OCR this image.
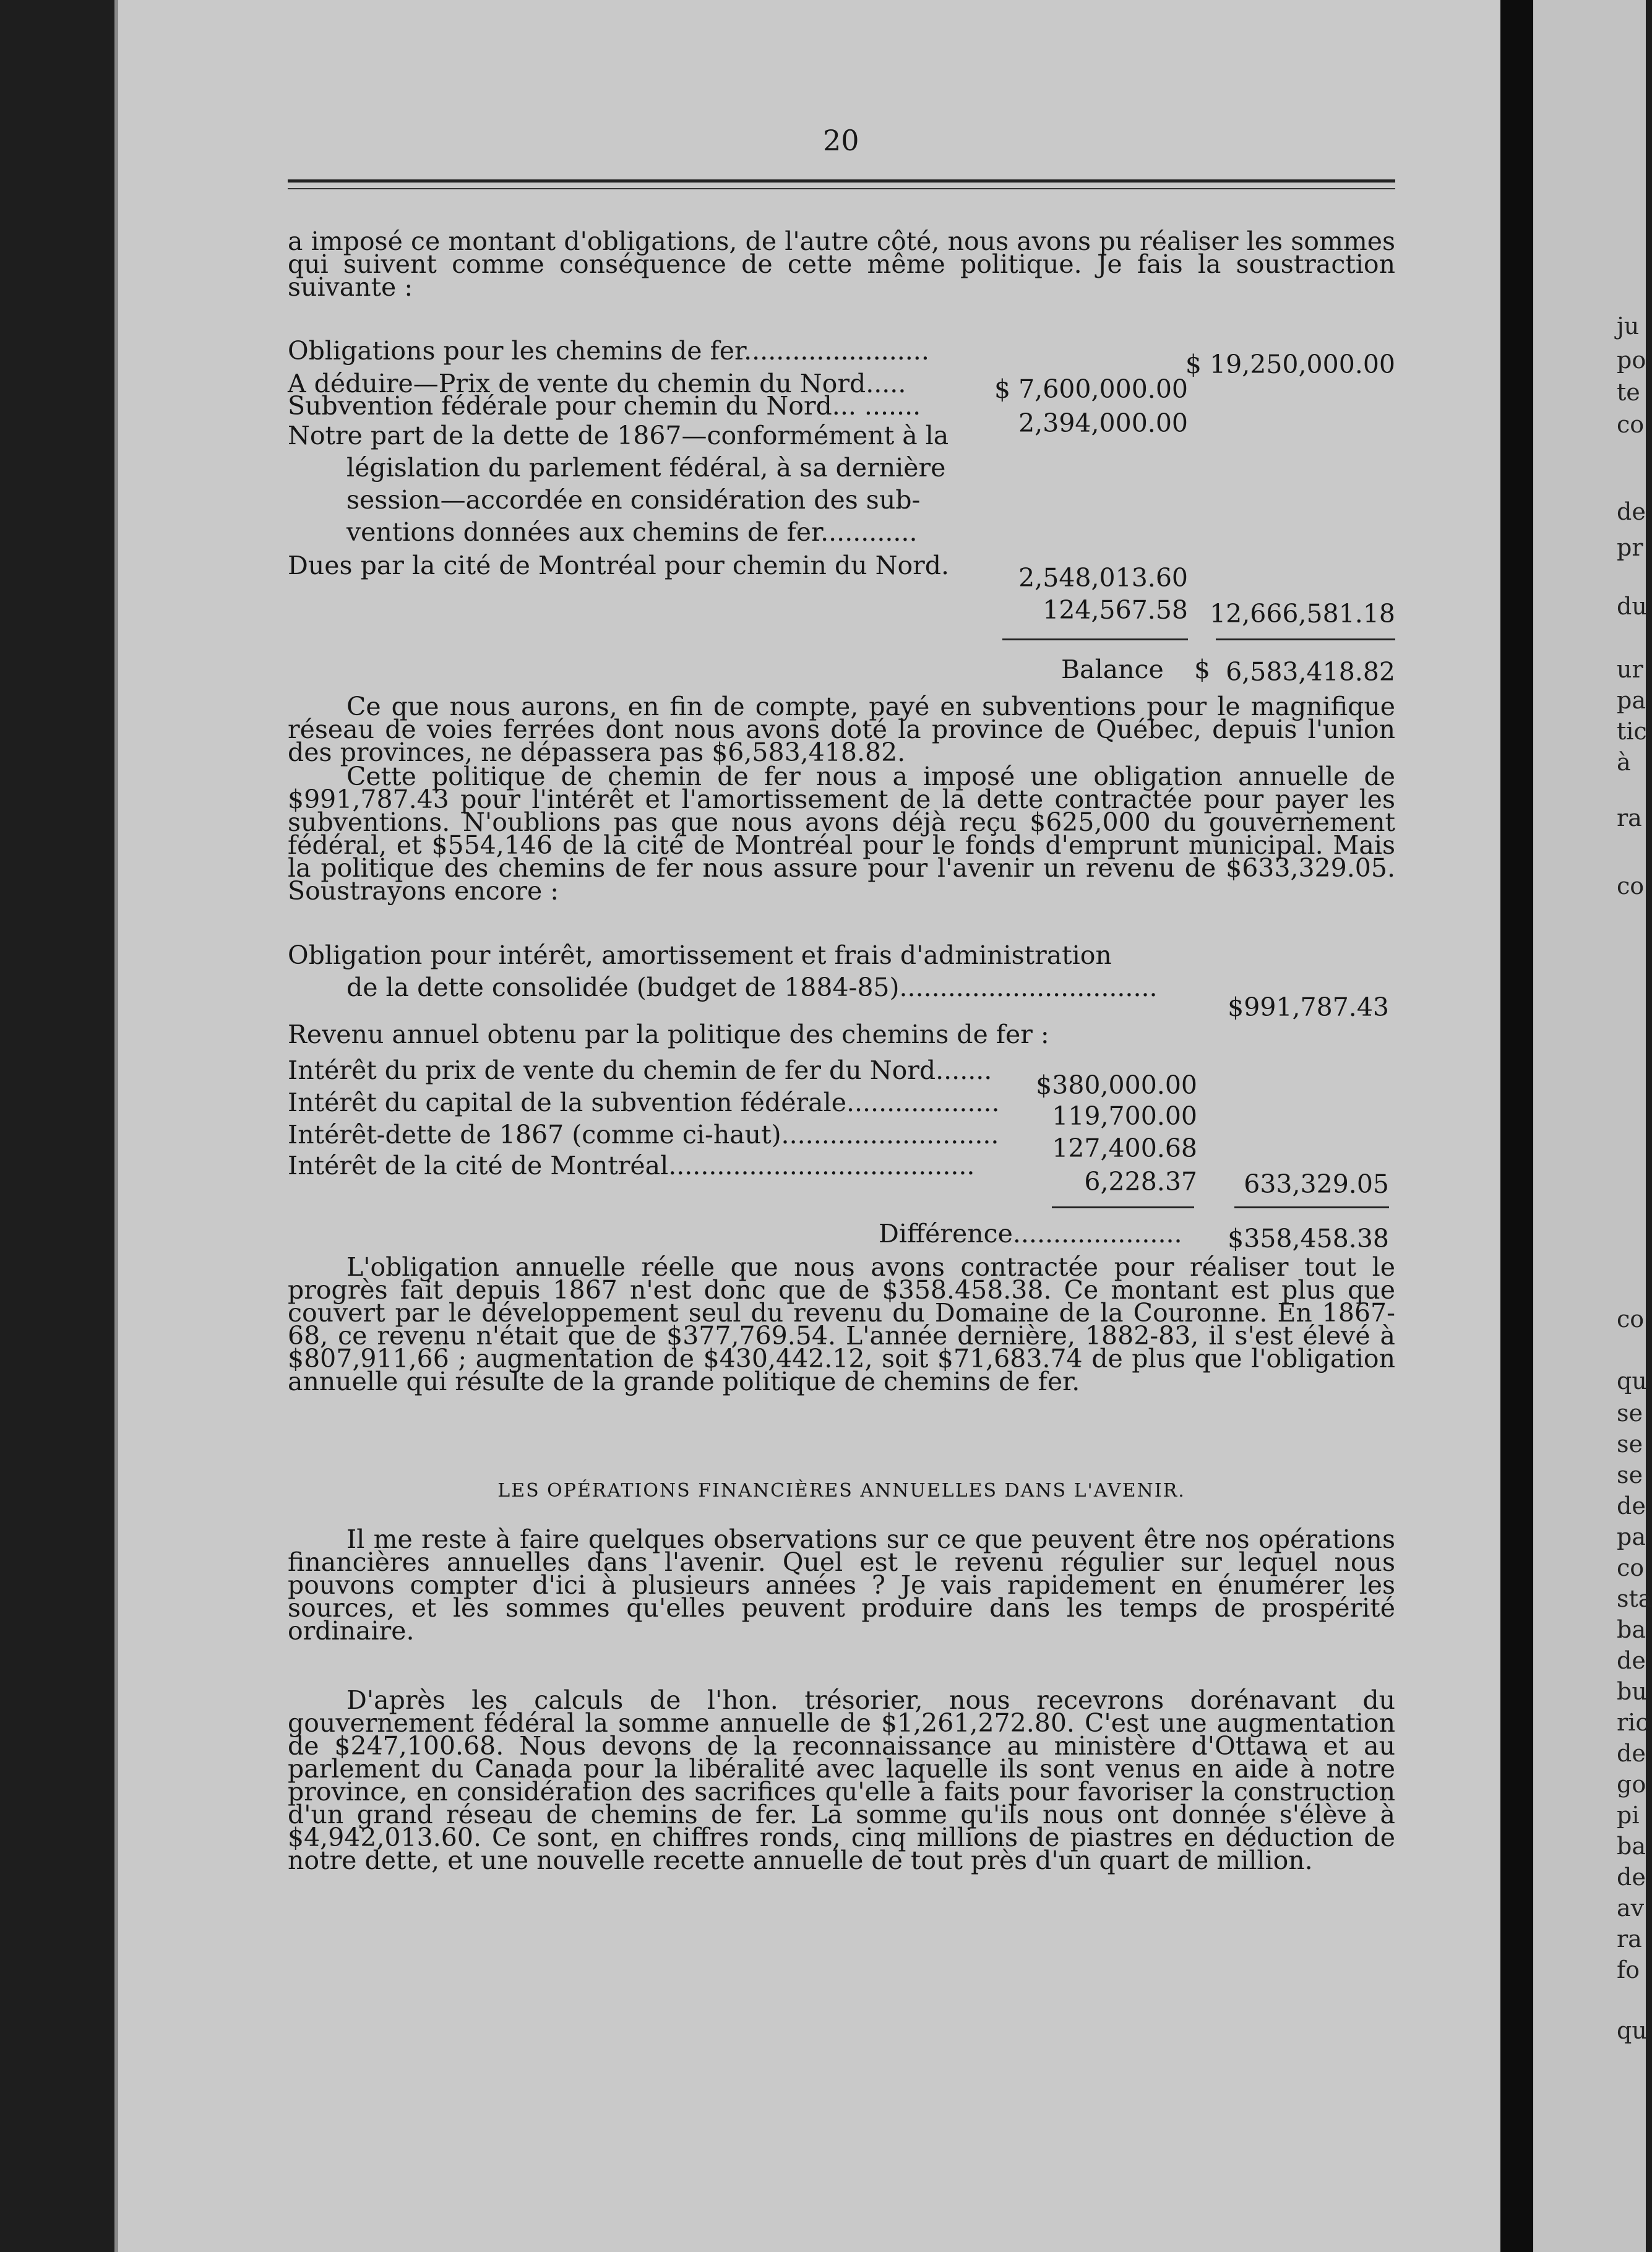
ju
po
te
co
de
pr
du
ur
pa
tic
à
ra
co
co
qu
se
se
se
de
pa
co
sta
ba
de
bu
ric
de
go
pi
ba
de
av
ra
fo
qu
20
a imposé ce montant d'obligations, de l'autre côté, nous avons pu réaliser les sommes qui suivent comme conséquence de cette même politique. Je fais la soustraction suivante :
Obligations pour les chemins de fer.......................	$ 19,250,000.00
A déduire—Prix de vente du chemin du Nord.....	$ 7,600,000.00
Subvention fédérale pour chemin du Nord... .......
2,394,000.00
Notre part de la dette de 1867—conformément à la
législation du parlement fédéral, à sa dernière
session—accordée en considération des sub-
ventions données aux chemins de fer............
2,548,013.60
Dues par la cité de Montréal pour chemin du Nord.
124,567.58 12,666,581.18
Balance $ 6,583,418.82
Ce que nous aurons, en fin de compte, payé en subventions pour le magnifique réseau de voies ferrées dont nous avons doté la province de Québec, depuis l'union des provinces, ne dépassera pas $6,583,418.82.
Cette politique de chemin de fer nous a imposé une obligation annuelle de $991,787.43 pour l'intérêt et l'amortissement de la dette contractée pour payer les subventions. N'oublions pas que nous avons déjà reçu $625,000 du gouvernement fédéral, et $554,146 de la cité de Montréal pour le fonds d'emprunt municipal. Mais la politique des chemins de fer nous assure pour l'avenir un revenu de $633,329.05. Soustrayons encore :
Obligation pour intérêt, amortissement et frais d'administration
de la dette consolidée (budget de 1884-85)................................
$991,787.43
Revenu annuel obtenu par la politique des chemins de fer :
Intérêt du prix de vente du chemin de fer du Nord....... $380,000.00
Intérêt du capital de la subvention fédérale................... 119,700.00
Intérêt-dette de 1867 (comme ci-haut)........................... 127,400.68
Intérêt de la cité de Montréal......................................
6,228.37 633,329.05
Différence..................... $358,458.38
L'obligation annuelle réelle que nous avons contractée pour réaliser tout le progrès fait depuis 1867 n'est donc que de $358.458.38. Ce montant est plus que couvert par le développement seul du revenu du Domaine de la Couronne. En 1867-68, ce revenu n'était que de $377,769.54. L'année dernière, 1882-83, il s'est élevé à $807,911,66 ; augmentation de $430,442.12, soit $71,683.74 de plus que l'obligation annuelle qui résulte de la grande politique de chemins de fer.
LES OPÉRATIONS FINANCIÈRES ANNUELLES DANS L'AVENIR.
Il me reste à faire quelques observations sur ce que peuvent être nos opérations financières annuelles dans l'avenir. Quel est le revenu régulier sur lequel nous pouvons compter d'ici à plusieurs années ? Je vais rapidement en énumérer les sources, et les sommes qu'elles peuvent produire dans les temps de prospérité ordinaire.
D'après les calculs de l'hon. trésorier, nous recevrons dorénavant du gouvernement fédéral la somme annuelle de $1,261,272.80. C'est une augmentation de $247,100.68. Nous devons de la reconnaissance au ministère d'Ottawa et au parlement du Canada pour la libéralité avec laquelle ils sont venus en aide à notre province, en considération des sacrifices qu'elle a faits pour favoriser la construction d'un grand réseau de chemins de fer. La somme qu'ils nous ont donnée s'élève à $4,942,013.60. Ce sont, en chiffres ronds, cinq millions de piastres en déduction de notre dette, et une nouvelle recette annuelle de tout près d'un quart de million.
